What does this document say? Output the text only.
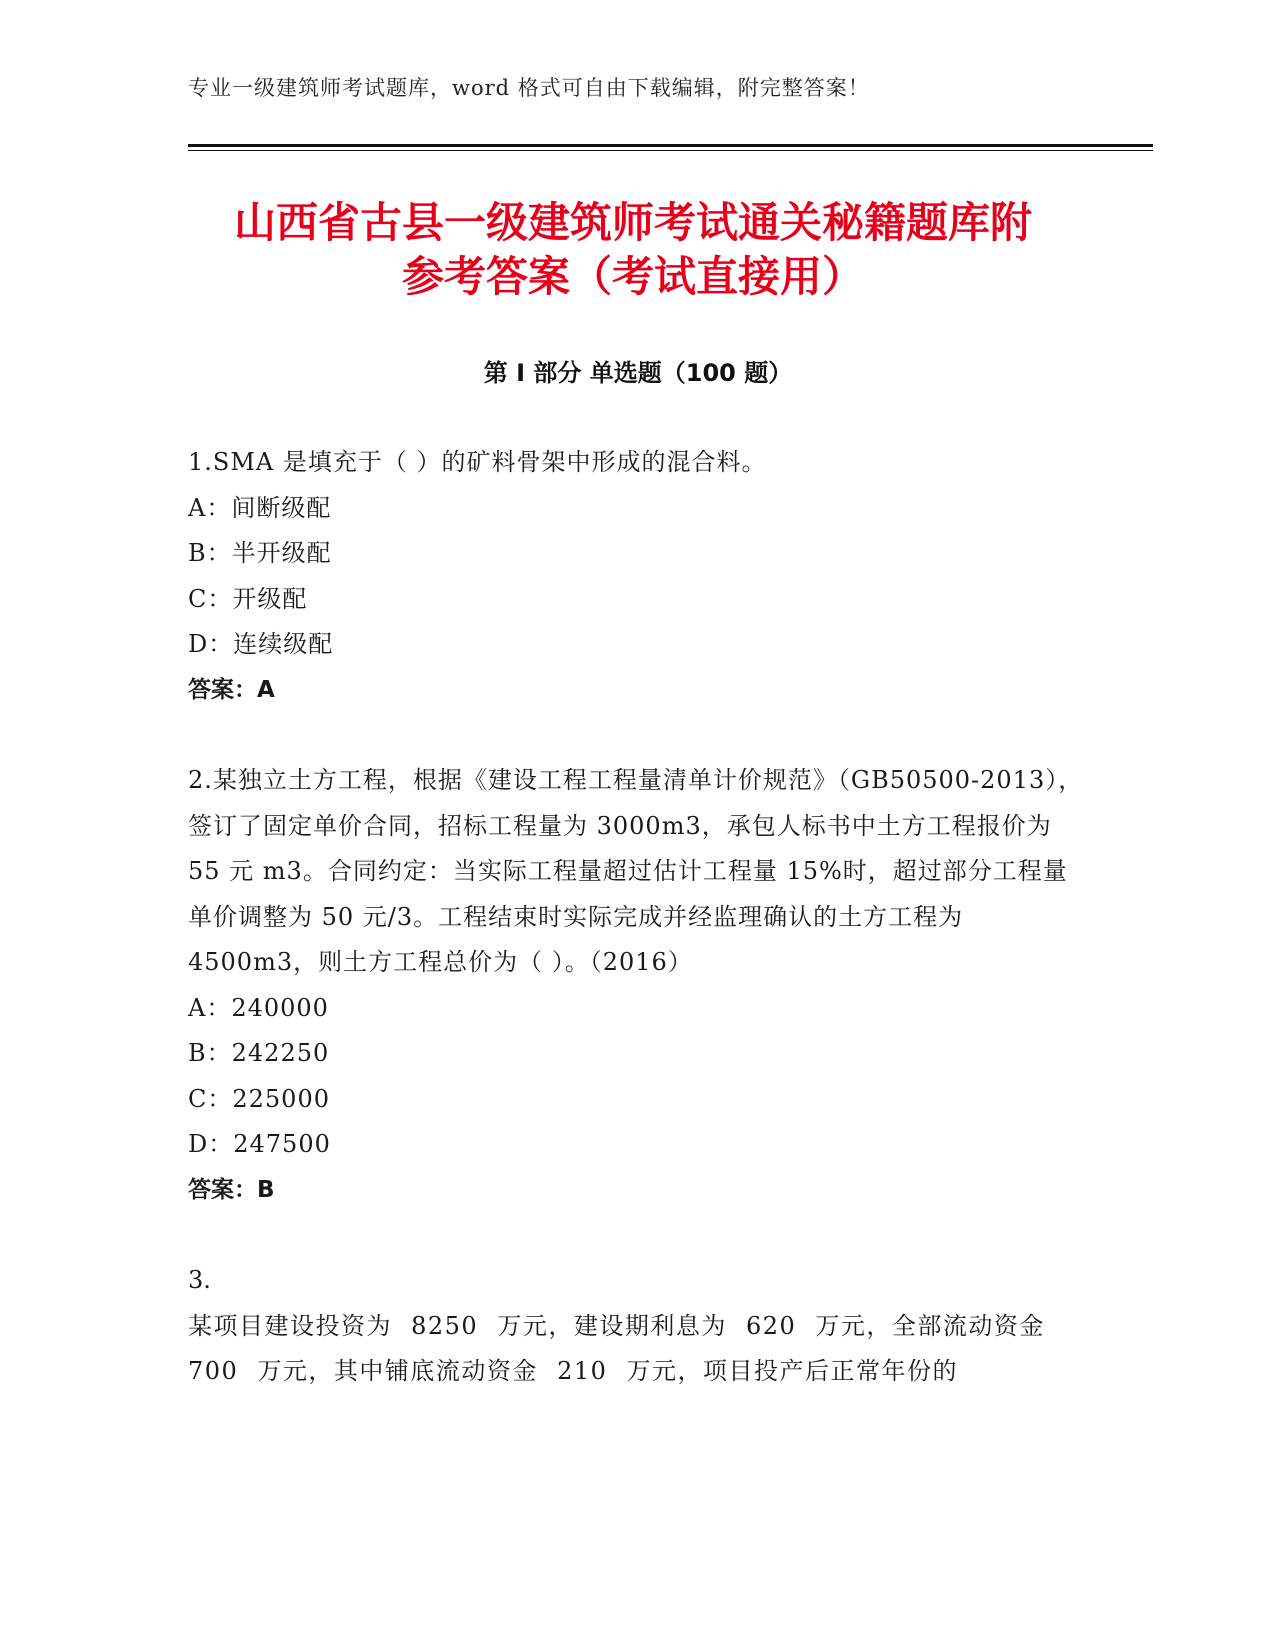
专业一级建筑师考试题库，word 格式可自由下载编辑，附完整答案！
山西省古县一级建筑师考试通关秘籍题库附
参考答案（考试直接用）
第 I 部分 单选题（100 题）

1.SMA 是填充于（ ）的矿料骨架中形成的混合料。

A：间断级配

B：半开级配

C：开级配

D：连续级配

答案：A

2.某独立土方工程，根据《建设工程工程量清单计价规范》（GB50500-2013），签订了固定单价合同，招标工程量为 3000m3，承包人标书中土方工程报价为 55 元 m3。合同约定：当实际工程量超过估计工程量 15%时，超过部分工程量单价调整为 50 元/3。工程结束时实际完成并经监理确认的土方工程为 4500m3，则土方工程总价为（ ）。（2016）

A：240000

B：242250

C：225000

D：247500

答案：B

3.

某项目建设投资为 8250 万元，建设期利息为 620 万元，全部流动资金 700 万元，其中铺底流动资金 210 万元，项目投产后正常年份的
